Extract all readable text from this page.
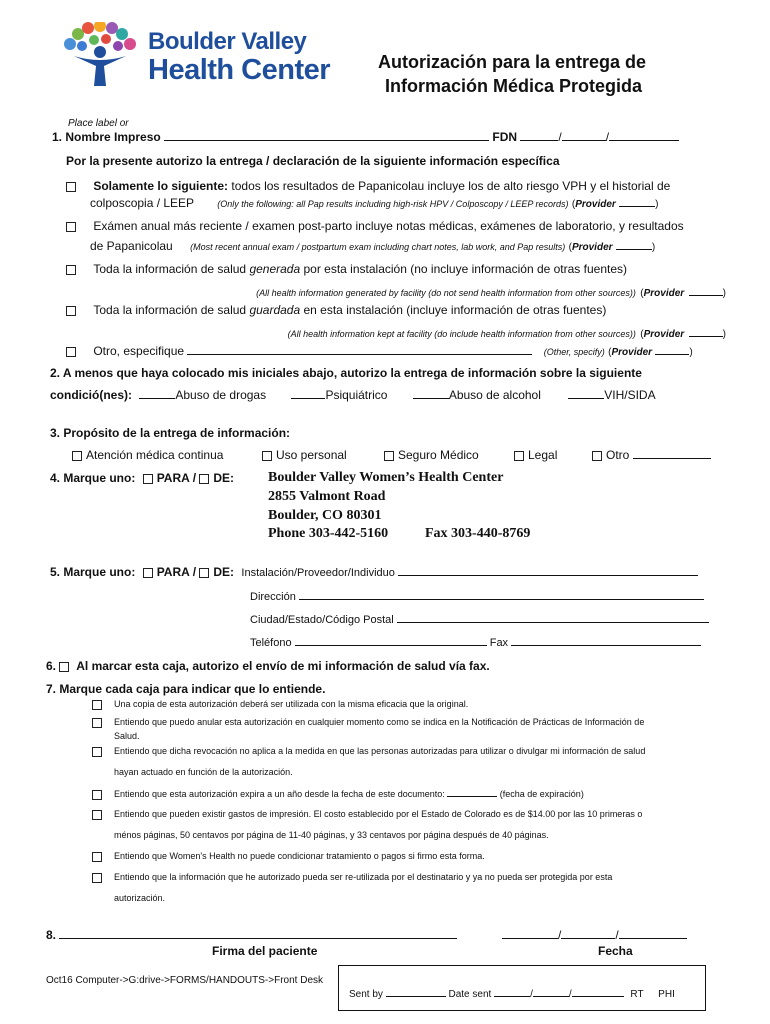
Boulder Valley
Health Center	Autorización para la entrega de
Información Médica Protegida
Place label or
1. Nombre Impreso	FDN	/	/
Por la presente autorizo la entrega / declaración de la siguiente información específica
Solamente lo siguiente: todos los resultados de Papanicolau incluye los de alto riesgo VPH y el historial de
colposcopia / LEEP	(Only the following: all Pap results including high-risk HPV / Colposcopy / LEEP records) (Provider	)
Exámen anual más reciente / examen post-parto incluye notas médicas, exámenes de laboratorio, y resultados
de Papanicolau (Most recent annual exam / postpartum exam including chart notes, lab work, and Pap results) (Provider	)
Toda la información de salud generada por esta instalación (no incluye información de otras fuentes)
(All health information generated by facility (do not send health information from other sources)) (Provider	)
Toda la información de salud guardada en esta instalación (incluye información de otras fuentes)
(All health information kept at facility (do include health information from other sources)) (Provider	)
Otro, especifique	(Other, specify) (Provider	)
2. A menos que haya colocado mis iniciales abajo, autorizo la entrega de información sobre la siguiente
condició(nes):	Abuso de drogas	Psiquiátrico	Abuso de alcohol	VIH/SIDA
3. Propósito de la entrega de información:
Atención médica continua	Uso personal	Seguro Médico	Legal	Otro
4. Marque uno: PARA / DE: Boulder Valley Women’s Health Center
2855 Valmont Road
Boulder, CO 80301
Phone 303-442-5160	Fax 303-440-8769
5. Marque uno: PARA / DE: Instalación/Proveedor/Individuo
Dirección
Ciudad/Estado/Código Postal
Teléfono	Fax
6. Al marcar esta caja, autorizo el envío de mi información de salud vía fax.
7. Marque cada caja para indicar que lo entiende.
Una copia de esta autorización deberá ser utilizada con la misma eficacia que la original.
Entiendo que puedo anular esta autorización en cualquier momento como se indica en la Notificación de Prácticas de Información de
Salud.
Entiendo que dicha revocación no aplica a la medida en que las personas autorizadas para utilizar o divulgar mi información de salud
hayan actuado en función de la autorización.
Entiendo que esta autorización expira a un año desde la fecha de este documento:	(fecha de expiración)
Entiendo que pueden existir gastos de impresión. El costo establecido por el Estado de Colorado es de $14.00 por las 10 primeras o
ménos páginas, 50 centavos por página de 11-40 páginas, y 33 centavos por página después de 40 páginas.
Entiendo que Women's Health no puede condicionar tratamiento o pagos si firmo esta forma.
Entiendo que la información que he autorizado pueda ser re-utilizada por el destinatario y ya no pueda ser protegida por esta
autorización.
8.	/	/
Firma del paciente	Fecha
Oct16 Computer->G:drive->FORMS/HANDOUTS->Front Desk
Sent by	Date sent	/	/	RT PHI
